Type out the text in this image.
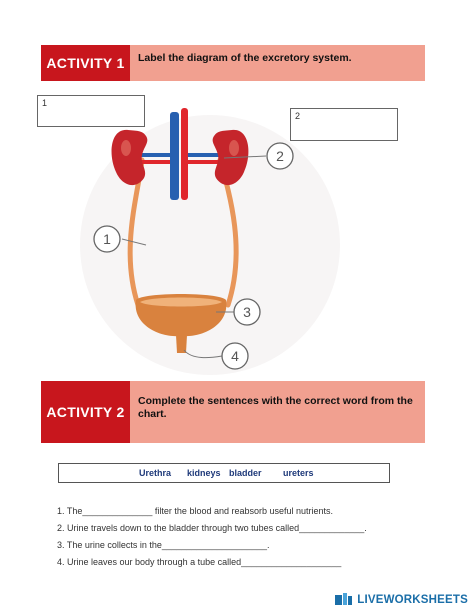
ACTIVITY 1	Label the diagram of the excretory system.
1
2
1
2
3
4
ACTIVITY 2
Complete the sentences with the correct word from the chart.
Urethra kidneys bladder ureters
1. The______________ filter the blood and reabsorb useful nutrients.
2. Urine travels down to the bladder through two tubes called_____________.
3. The urine collects in the_____________________.
4. Urine leaves our body through a tube called____________________
LIVEWORKSHEETS
